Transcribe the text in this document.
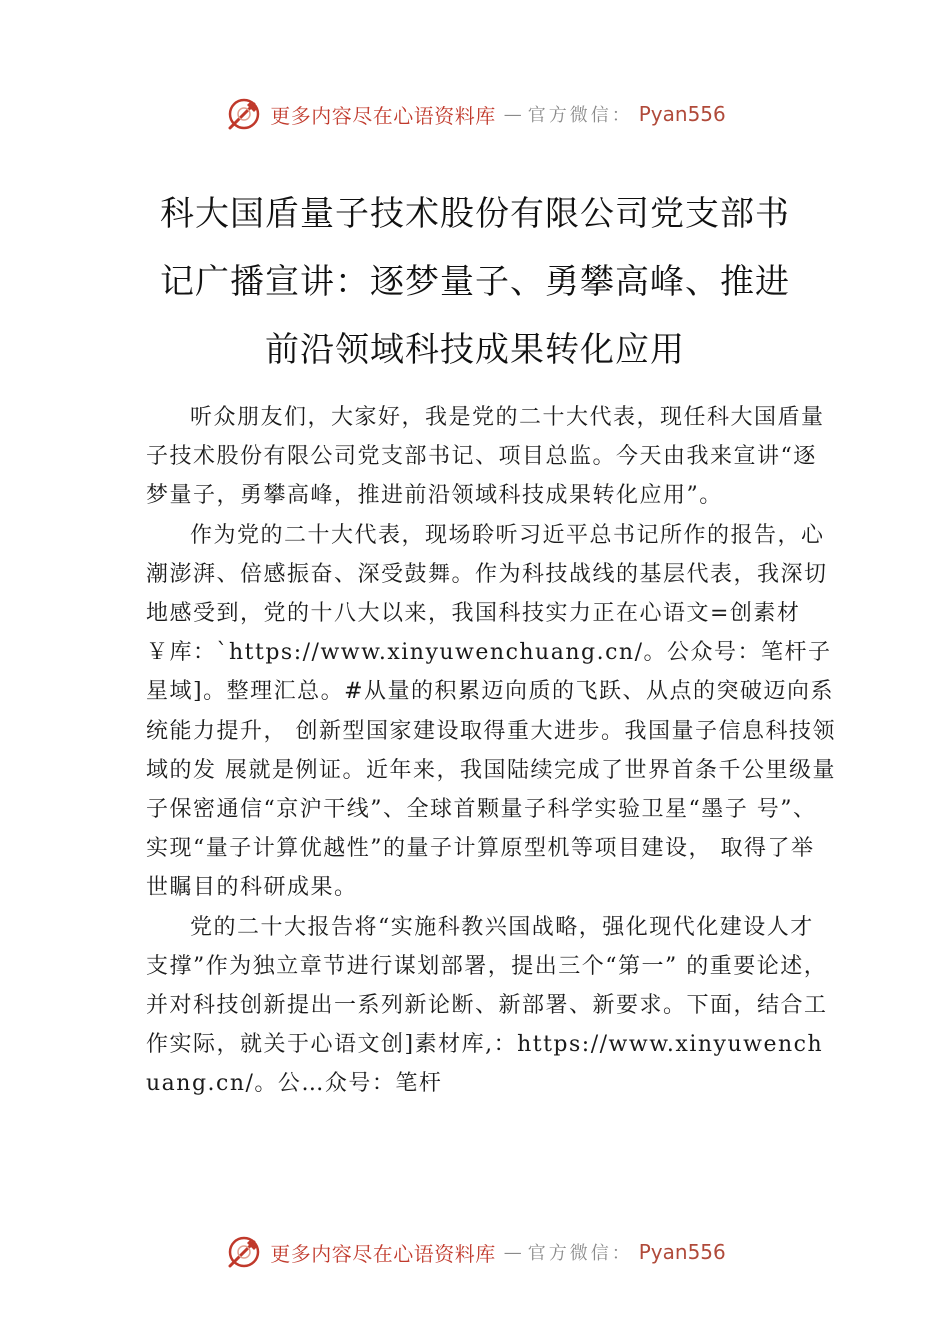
更多内容尽在心语资料库 — 官方微信： Pyan556
科大国盾量子技术股份有限公司党支部书记广播宣讲：逐梦量子、勇攀高峰、推进前沿领域科技成果转化应用

听众朋友们，大家好，我是党的二十大代表，现任科大国盾量子技术股份有限公司党支部书记、项目总监。今天由我来宣讲“逐梦量子，勇攀高峰，推进前沿领域科技成果转化应用”。

作为党的二十大代表，现场聆听习近平总书记所作的报告，心潮澎湃、倍感振奋、深受鼓舞。作为科技战线的基层代表，我深切地感受到，党的十八大以来，我国科技实力正在心语文=创素材￥库：`https://www.xinyuwenchuang.cn/。公众号：笔杆子星域]。整理汇总。#从量的积累迈向质的飞跃、从点的突破迈向系统能力提升， 创新型国家建设取得重大进步。我国量子信息科技领域的发 展就是例证。近年来，我国陆续完成了世界首条千公里级量 子保密通信“京沪干线”、全球首颗量子科学实验卫星“墨子 号”、实现“量子计算优越性”的量子计算原型机等项目建设， 取得了举世瞩目的科研成果。

党的二十大报告将“实施科教兴国战略，强化现代化建设人才支撑”作为独立章节进行谋划部署，提出三个“第一” 的重要论述，并对科技创新提出一系列新论断、新部署、新要求。下面，结合工作实际，就关于心语文创]素材库,：https://www.xinyuwenchuang.cn/。公…众号：笔杆

更多内容尽在心语资料库 — 官方微信： Pyan556
